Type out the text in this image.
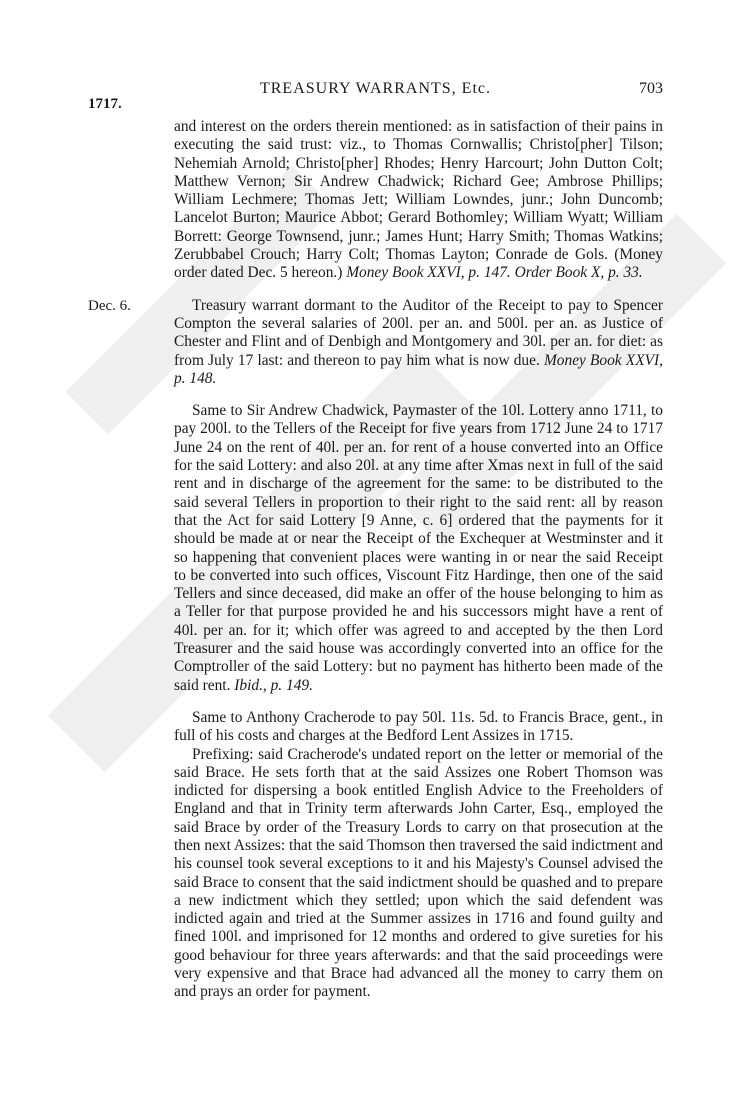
1717.
TREASURY WARRANTS, Etc.	703

and interest on the orders therein mentioned: as in satisfaction of their pains in executing the said trust: viz., to Thomas Cornwallis; Christo[pher] Tilson; Nehemiah Arnold; Christo[pher] Rhodes; Henry Harcourt; John Dutton Colt; Matthew Vernon; Sir Andrew Chadwick; Richard Gee; Ambrose Phillips; William Lechmere; Thomas Jett; William Lowndes, junr.; John Duncomb; Lancelot Burton; Maurice Abbot; Gerard Bothomley; William Wyatt; William Borrett: George Townsend, junr.; James Hunt; Harry Smith; Thomas Watkins; Zerubbabel Crouch; Harry Colt; Thomas Layton; Conrade de Gols. (Money order dated Dec. 5 hereon.) Money Book XXVI, p. 147. Order Book X, p. 33.

Dec. 6.	Treasury warrant dormant to the Auditor of the Receipt to pay to Spencer Compton the several salaries of 200l. per an. and 500l. per an. as Justice of Chester and Flint and of Denbigh and Montgomery and 30l. per an. for diet: as from July 17 last: and thereon to pay him what is now due. Money Book XXVI, p. 148.

Same to Sir Andrew Chadwick, Paymaster of the 10l. Lottery anno 1711, to pay 200l. to the Tellers of the Receipt for five years from 1712 June 24 to 1717 June 24 on the rent of 40l. per an. for rent of a house converted into an Office for the said Lottery: and also 20l. at any time after Xmas next in full of the said rent and in discharge of the agreement for the same: to be distributed to the said several Tellers in proportion to their right to the said rent: all by reason that the Act for said Lottery [9 Anne, c. 6] ordered that the payments for it should be made at or near the Receipt of the Exchequer at Westminster and it so happening that convenient places were wanting in or near the said Receipt to be converted into such offices, Viscount Fitz Hardinge, then one of the said Tellers and since deceased, did make an offer of the house belonging to him as a Teller for that purpose provided he and his successors might have a rent of 40l. per an. for it; which offer was agreed to and accepted by the then Lord Treasurer and the said house was accordingly converted into an office for the Comptroller of the said Lottery: but no payment has hitherto been made of the said rent. Ibid., p. 149.

Same to Anthony Cracherode to pay 50l. 11s. 5d. to Francis Brace, gent., in full of his costs and charges at the Bedford Lent Assizes in 1715.

Prefixing: said Cracherode's undated report on the letter or memorial of the said Brace. He sets forth that at the said Assizes one Robert Thomson was indicted for dispersing a book entitled English Advice to the Freeholders of England and that in Trinity term afterwards John Carter, Esq., employed the said Brace by order of the Treasury Lords to carry on that prosecution at the then next Assizes: that the said Thomson then traversed the said indictment and his counsel took several exceptions to it and his Majesty's Counsel advised the said Brace to consent that the said indictment should be quashed and to prepare a new indictment which they settled; upon which the said defendent was indicted again and tried at the Summer assizes in 1716 and found guilty and fined 100l. and imprisoned for 12 months and ordered to give sureties for his good behaviour for three years afterwards: and that the said proceedings were very expensive and that Brace had advanced all the money to carry them on and prays an order for payment.
